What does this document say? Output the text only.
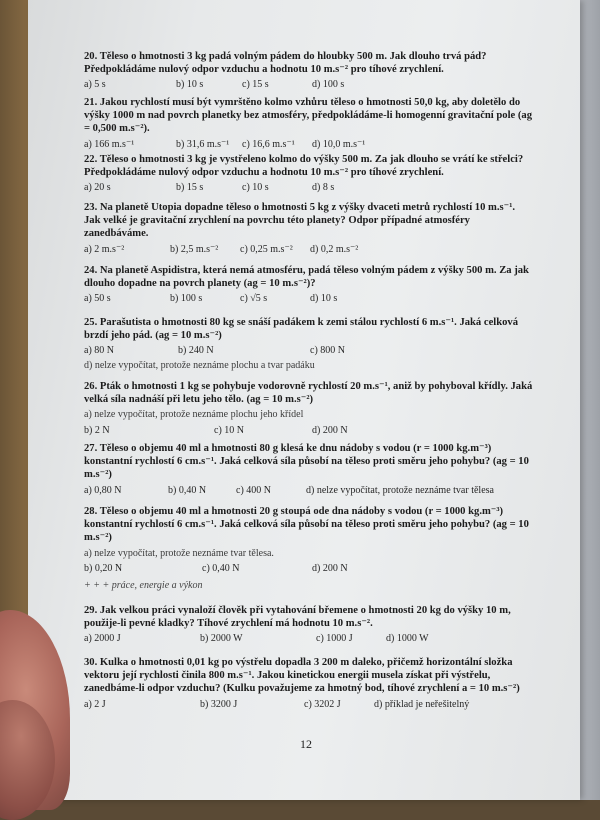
20. Těleso o hmotnosti 3 kg padá volným pádem do hloubky 500 m. Jak dlouho trvá pád? Předpokládáme nulový odpor vzduchu a hodnotu 10 m.s⁻² pro tíhové zrychlení.

a) 5 s	b) 10 s	c) 15 s	d) 100 s

21. Jakou rychlostí musí být vymrštěno kolmo vzhůru těleso o hmotnosti 50,0 kg, aby doletělo do výšky 1000 m nad povrch planetky bez atmosféry, předpokládáme-li homogenní gravitační pole (ag = 0,500 m.s⁻²).

a) 166 m.s⁻¹	b) 31,6 m.s⁻¹ c) 16,6 m.s⁻¹ d) 10,0 m.s⁻¹

22. Těleso o hmotnosti 3 kg je vystřeleno kolmo do výšky 500 m. Za jak dlouho se vrátí ke střelci? Předpokládáme nulový odpor vzduchu a hodnotu 10 m.s⁻² pro tíhové zrychlení.

a) 20 s	b) 15 s	c) 10 s	d) 8 s

23. Na planetě Utopia dopadne těleso o hmotnosti 5 kg z výšky dvaceti metrů rychlostí 10 m.s⁻¹. Jak velké je gravitační zrychlení na povrchu této planety? Odpor případné atmosféry zanedbáváme.

a) 2 m.s⁻²	b) 2,5 m.s⁻² c) 0,25 m.s⁻² d) 0,2 m.s⁻²

24. Na planetě Aspidistra, která nemá atmosféru, padá těleso volným pádem z výšky 500 m. Za jak dlouho dopadne na povrch planety (ag = 10 m.s⁻²)?

a) 50 s	b) 100 s	c) √5 s	d) 10 s

25. Parašutista o hmotnosti 80 kg se snáší padákem k zemi stálou rychlostí 6 m.s⁻¹. Jaká celková brzdí jeho pád. (ag = 10 m.s⁻²)

a) 80 N	b) 240 N	c) 800 N
d) nelze vypočítat, protože neznáme plochu a tvar padáku

26. Pták o hmotnosti 1 kg se pohybuje vodorovně rychlostí 20 m.s⁻¹, aniž by pohyboval křídly. Jaká velká síla nadnáší při letu jeho tělo. (ag = 10 m.s⁻²)

a) nelze vypočítat, protože neznáme plochu jeho křídel
b) 2 N	c) 10 N	d) 200 N

27. Těleso o objemu 40 ml a hmotnosti 80 g klesá ke dnu nádoby s vodou (r = 1000 kg.m⁻³) konstantní rychlostí 6 cm.s⁻¹. Jaká celková síla působí na těleso proti směru jeho pohybu? (ag = 10 m.s⁻²)

a) 0,80 N	b) 0,40 N	c) 400 N	d) nelze vypočítat, protože neznáme tvar tělesa

28. Těleso o objemu 40 ml a hmotnosti 20 g stoupá ode dna nádoby s vodou (r = 1000 kg.m⁻³) konstantní rychlostí 6 cm.s⁻¹. Jaká celková síla působí na těleso proti směru jeho pohybu? (ag = 10 m.s⁻²)

a) nelze vypočítat, protože neznáme tvar tělesa.
b) 0,20 N	c) 0,40 N	d) 200 N
+ + + práce, energie a výkon

29. Jak velkou práci vynaloží člověk při vytahování břemene o hmotnosti 20 kg do výšky 10 m, použije-li pevné kladky? Tíhové zrychlení má hodnotu 10 m.s⁻².

a) 2000 J	b) 2000 W	c) 1000 J	d) 1000 W

30. Kulka o hmotnosti 0,01 kg po výstřelu dopadla 3 200 m daleko, přičemž horizontální složka vektoru její rychlosti činila 800 m.s⁻¹. Jakou kinetickou energii musela získat při výstřelu, zanedbáme-li odpor vzduchu? (Kulku považujeme za hmotný bod, tíhové zrychlení a = 10 m.s⁻²)

a) 2 J	b) 3200 J	c) 3202 J	d) příklad je neřešitelný
12
